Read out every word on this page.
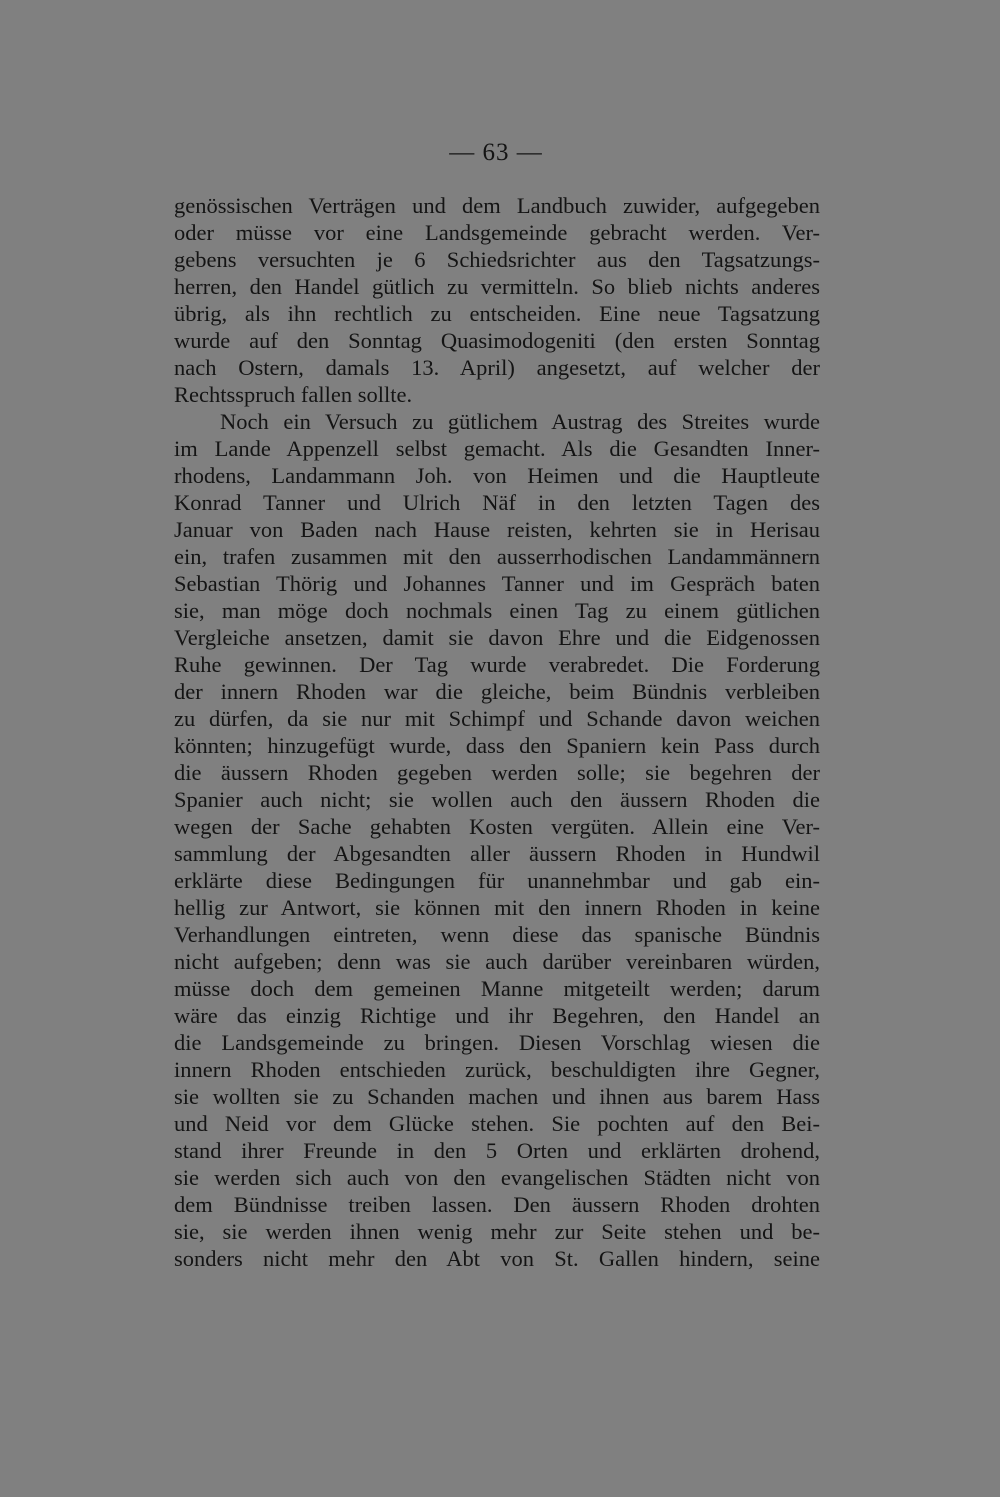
— 63 —
genössischen Verträgen und dem Landbuch zuwider, aufgegeben
oder müsse vor eine Landsgemeinde gebracht werden. Ver-
gebens versuchten je 6 Schiedsrichter aus den Tagsatzungs-
herren, den Handel gütlich zu vermitteln. So blieb nichts anderes
übrig, als ihn rechtlich zu entscheiden. Eine neue Tagsatzung
wurde auf den Sonntag Quasimodogeniti (den ersten Sonntag
nach Ostern, damals 13. April) angesetzt, auf welcher der
Rechtsspruch fallen sollte.
Noch ein Versuch zu gütlichem Austrag des Streites wurde
im Lande Appenzell selbst gemacht. Als die Gesandten Inner-
rhodens, Landammann Joh. von Heimen und die Hauptleute
Konrad Tanner und Ulrich Näf in den letzten Tagen des
Januar von Baden nach Hause reisten, kehrten sie in Herisau
ein, trafen zusammen mit den ausserrhodischen Landammännern
Sebastian Thörig und Johannes Tanner und im Gespräch baten
sie, man möge doch nochmals einen Tag zu einem gütlichen
Vergleiche ansetzen, damit sie davon Ehre und die Eidgenossen
Ruhe gewinnen. Der Tag wurde verabredet. Die Forderung
der innern Rhoden war die gleiche, beim Bündnis verbleiben
zu dürfen, da sie nur mit Schimpf und Schande davon weichen
könnten; hinzugefügt wurde, dass den Spaniern kein Pass durch
die äussern Rhoden gegeben werden solle; sie begehren der
Spanier auch nicht; sie wollen auch den äussern Rhoden die
wegen der Sache gehabten Kosten vergüten. Allein eine Ver-
sammlung der Abgesandten aller äussern Rhoden in Hundwil
erklärte diese Bedingungen für unannehmbar und gab ein-
hellig zur Antwort, sie können mit den innern Rhoden in keine
Verhandlungen eintreten, wenn diese das spanische Bündnis
nicht aufgeben; denn was sie auch darüber vereinbaren würden,
müsse doch dem gemeinen Manne mitgeteilt werden; darum
wäre das einzig Richtige und ihr Begehren, den Handel an
die Landsgemeinde zu bringen. Diesen Vorschlag wiesen die
innern Rhoden entschieden zurück, beschuldigten ihre Gegner,
sie wollten sie zu Schanden machen und ihnen aus barem Hass
und Neid vor dem Glücke stehen. Sie pochten auf den Bei-
stand ihrer Freunde in den 5 Orten und erklärten drohend,
sie werden sich auch von den evangelischen Städten nicht von
dem Bündnisse treiben lassen. Den äussern Rhoden drohten
sie, sie werden ihnen wenig mehr zur Seite stehen und be-
sonders nicht mehr den Abt von St. Gallen hindern, seine
